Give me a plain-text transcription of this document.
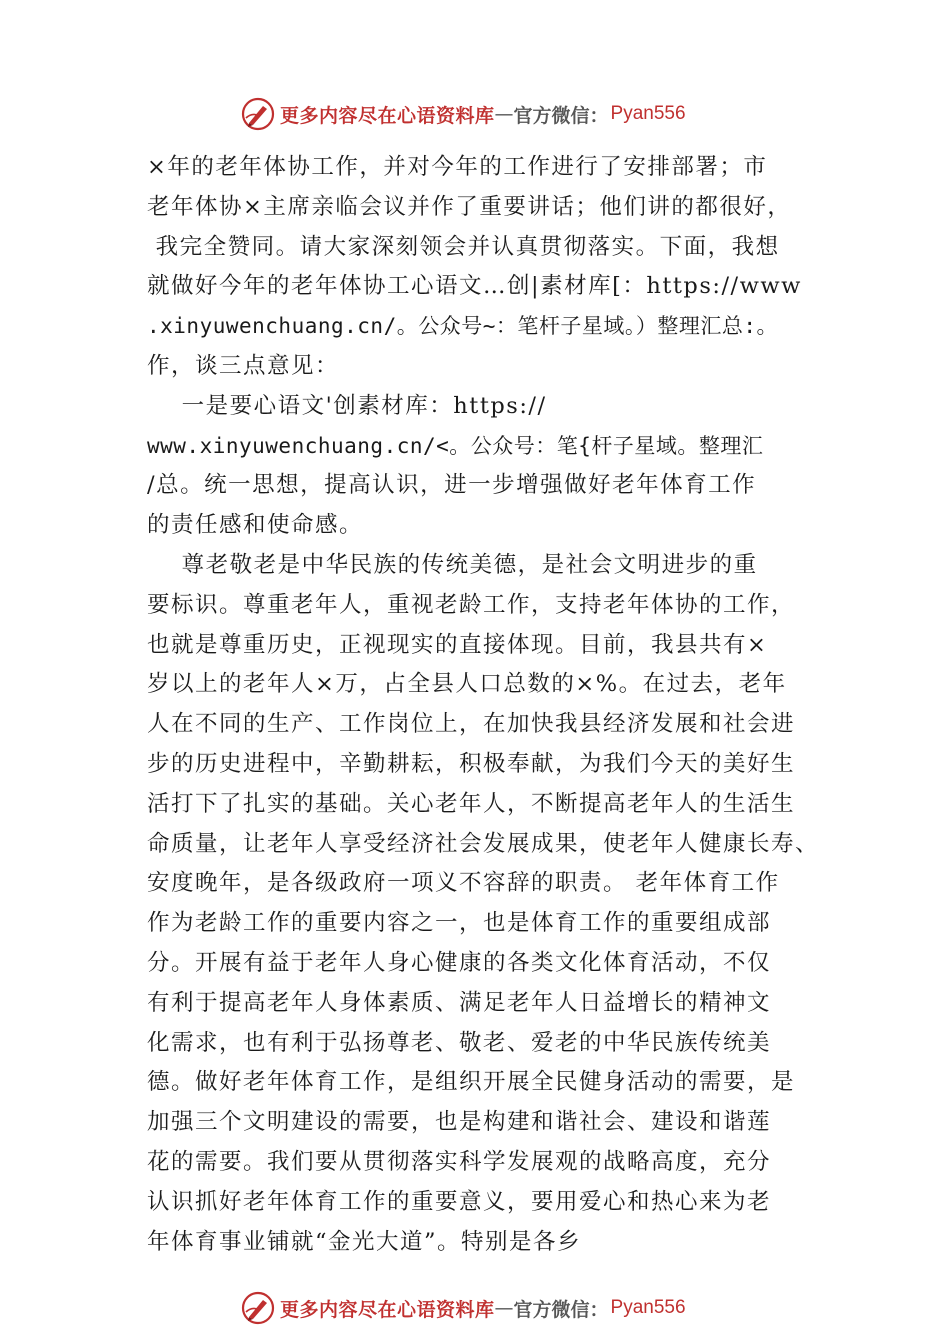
更多内容尽在心语资料库 — 官方微信： Pyan556
×年的老年体协工作，并对今年的工作进行了安排部署；市
老年体协×主席亲临会议并作了重要讲话；他们讲的都很好，
我完全赞同。请大家深刻领会并认真贯彻落实。下面，我想
就做好今年的老年体协工心语文…创|素材库[：https://www
.xinyuwenchuang.cn/。公众号~：笔杆子星域。）整理汇总:。
作，谈三点意见：
一是要心语文'创素材库：https://
www.xinyuwenchuang.cn/<。公众号：笔{杆子星域。整理汇
/总。统一思想，提高认识，进一步增强做好老年体育工作
的责任感和使命感。
尊老敬老是中华民族的传统美德，是社会文明进步的重
要标识。尊重老年人，重视老龄工作，支持老年体协的工作，
也就是尊重历史，正视现实的直接体现。目前，我县共有×
岁以上的老年人×万，占全县人口总数的×%。在过去，老年
人在不同的生产、工作岗位上，在加快我县经济发展和社会进
步的历史进程中，辛勤耕耘，积极奉献，为我们今天的美好生
活打下了扎实的基础。关心老年人，不断提高老年人的生活生
命质量，让老年人享受经济社会发展成果，使老年人健康长寿、
安度晚年，是各级政府一项义不容辞的职责。 老年体育工作
作为老龄工作的重要内容之一，也是体育工作的重要组成部
分。开展有益于老年人身心健康的各类文化体育活动，不仅
有利于提高老年人身体素质、满足老年人日益增长的精神文
化需求，也有利于弘扬尊老、敬老、爱老的中华民族传统美
德。做好老年体育工作，是组织开展全民健身活动的需要，是
加强三个文明建设的需要，也是构建和谐社会、建设和谐莲
花的需要。我们要从贯彻落实科学发展观的战略高度，充分
认识抓好老年体育工作的重要意义，要用爱心和热心来为老
年体育事业铺就“金光大道”。特别是各乡
更多内容尽在心语资料库 — 官方微信： Pyan556
